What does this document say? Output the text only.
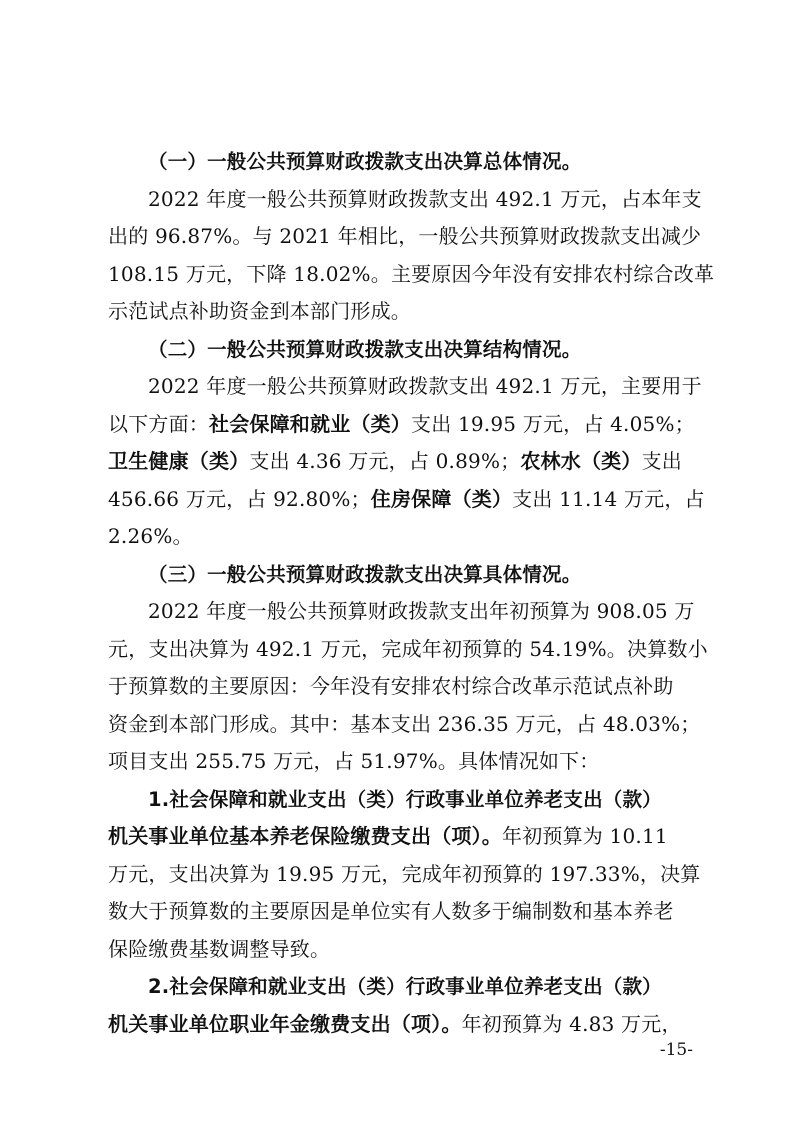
（一）一般公共预算财政拨款支出决算总体情况。
2022 年度一般公共预算财政拨款支出 492.1 万元，占本年支
出的 96.87%。与 2021 年相比，一般公共预算财政拨款支出减少
108.15 万元，下降 18.02%。主要原因今年没有安排农村综合改革
示范试点补助资金到本部门形成。
（二）一般公共预算财政拨款支出决算结构情况。
2022 年度一般公共预算财政拨款支出 492.1 万元，主要用于
以下方面：社会保障和就业（类）支出 19.95 万元，占 4.05%；
卫生健康（类）支出 4.36 万元，占 0.89%；农林水（类）支出
456.66 万元，占 92.80%；住房保障（类）支出 11.14 万元，占
2.26%。
（三）一般公共预算财政拨款支出决算具体情况。
2022 年度一般公共预算财政拨款支出年初预算为 908.05 万
元，支出决算为 492.1 万元，完成年初预算的 54.19%。决算数小
于预算数的主要原因：今年没有安排农村综合改革示范试点补助
资金到本部门形成。其中：基本支出 236.35 万元，占 48.03%；
项目支出 255.75 万元，占 51.97%。具体情况如下：
1.社会保障和就业支出（类）行政事业单位养老支出（款）
机关事业单位基本养老保险缴费支出（项）。年初预算为 10.11
万元，支出决算为 19.95 万元，完成年初预算的 197.33%，决算
数大于预算数的主要原因是单位实有人数多于编制数和基本养老
保险缴费基数调整导致。
2.社会保障和就业支出（类）行政事业单位养老支出（款）
机关事业单位职业年金缴费支出（项）。年初预算为 4.83 万元，
-15-
